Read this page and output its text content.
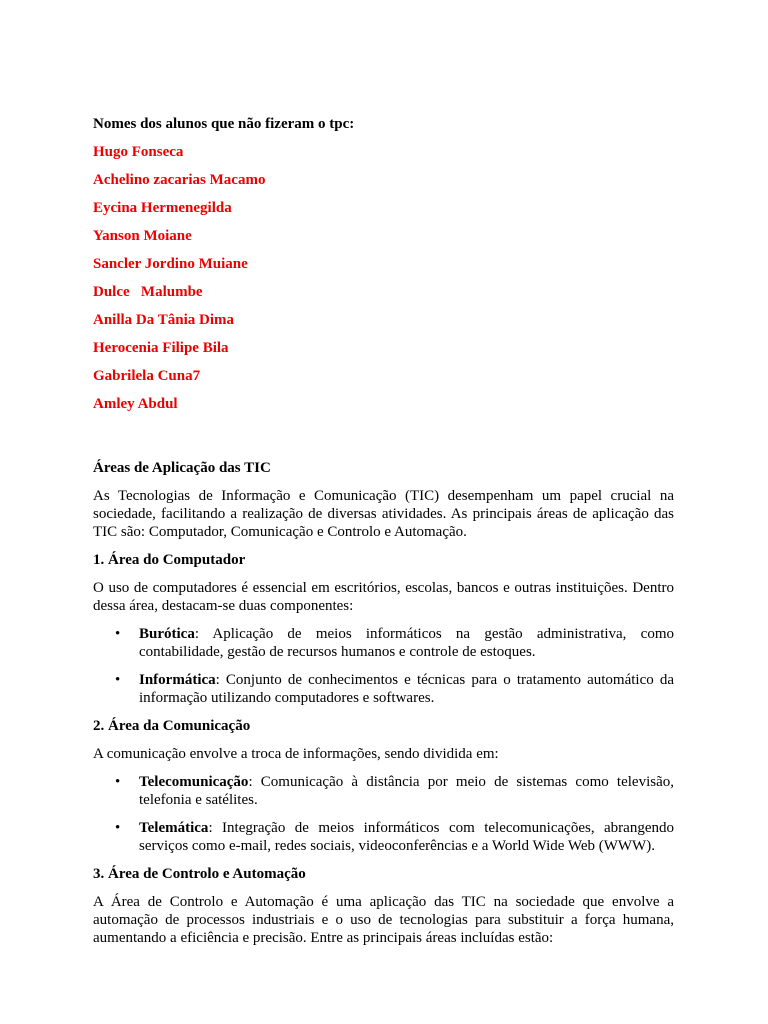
Nomes dos alunos que não fizeram o tpc:

Hugo Fonseca

Achelino zacarias Macamo

Eycina Hermenegilda

Yanson Moiane

Sancler Jordino Muiane

Dulce   Malumbe

Anilla Da Tânia Dima

Herocenia Filipe Bila

Gabrilela Cuna7

Amley Abdul

Áreas de Aplicação das TIC

As Tecnologias de Informação e Comunicação (TIC) desempenham um papel crucial na sociedade, facilitando a realização de diversas atividades. As principais áreas de aplicação das TIC são: Computador, Comunicação e Controlo e Automação.

1. Área do Computador

O uso de computadores é essencial em escritórios, escolas, bancos e outras instituições. Dentro dessa área, destacam-se duas componentes:

• Burótica: Aplicação de meios informáticos na gestão administrativa, como contabilidade, gestão de recursos humanos e controle de estoques.
• Informática: Conjunto de conhecimentos e técnicas para o tratamento automático da informação utilizando computadores e softwares.
2. Área da Comunicação

A comunicação envolve a troca de informações, sendo dividida em:

• Telecomunicação: Comunicação à distância por meio de sistemas como televisão, telefonia e satélites.
• Telemática: Integração de meios informáticos com telecomunicações, abrangendo serviços como e-mail, redes sociais, videoconferências e a World Wide Web (WWW).
3. Área de Controlo e Automação

A Área de Controlo e Automação é uma aplicação das TIC na sociedade que envolve a automação de processos industriais e o uso de tecnologias para substituir a força humana, aumentando a eficiência e precisão. Entre as principais áreas incluídas estão:
